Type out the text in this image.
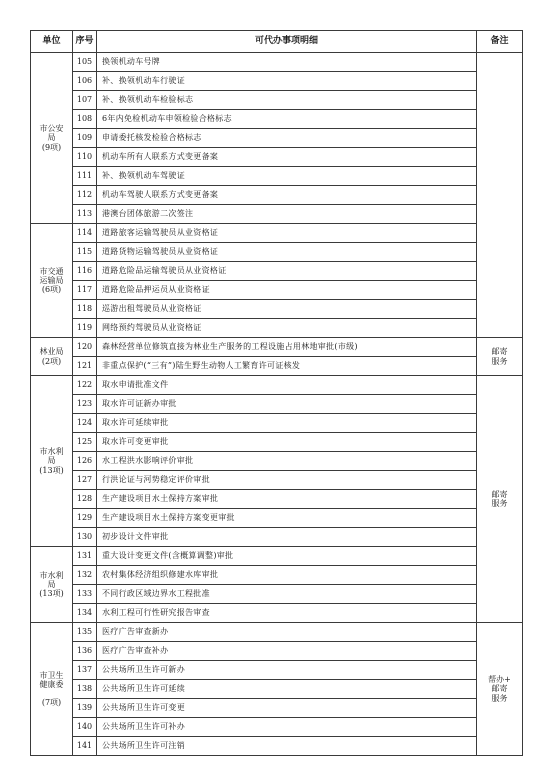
单位	序号	可代办事项明细	备注

市公安
局
(9项)	105	换领机动车号牌	
	106	补、换领机动车行驶证	
	107	补、换领机动车检验标志	
	108	6年内免检机动车申领检验合格标志	
	109	申请委托核发检验合格标志	
	110	机动车所有人联系方式变更备案	
	111	补、换领机动车驾驶证	
	112	机动车驾驶人联系方式变更备案	
	113	港澳台团体旅游二次签注	

市交通
运输局
(6项)	114	道路旅客运输驾驶员从业资格证	
	115	道路货物运输驾驶员从业资格证	
	116	道路危险品运输驾驶员从业资格证	
	117	道路危险品押运员从业资格证	
	118	巡游出租驾驶员从业资格证	
	119	网络预约驾驶员从业资格证	

林业局
(2项)	120	森林经营单位修筑直接为林业生产服务的工程设施占用林地审批(市级)	邮寄
服务

	121	非重点保护(“三有”)陆生野生动物人工繁育许可证核发	

市水利
局
(13项)	122	取水申请批准文件	邮寄
服务

	123	取水许可证新办审批	
	124	取水许可延续审批	
	125	取水许可变更审批	
	126	水工程洪水影响评价审批	
	127	行洪论证与河势稳定评价审批	
	128	生产建设项目水土保持方案审批	
	129	生产建设项目水土保持方案变更审批	
	130	初步设计文件审批	

市水利
局
(13项)	131	重大设计变更文件(含概算调整)审批	
	132	农村集体经济组织修建水库审批	
	133	不同行政区域边界水工程批准	
	134	水利工程可行性研究报告审查	

市卫生
健康委

(7项)	135	医疗广告审查新办	帮办+
邮寄
服务

	136	医疗广告审查补办	
	137	公共场所卫生许可新办	
	138	公共场所卫生许可延续	
	139	公共场所卫生许可变更	
	140	公共场所卫生许可补办	
	141	公共场所卫生许可注销	
